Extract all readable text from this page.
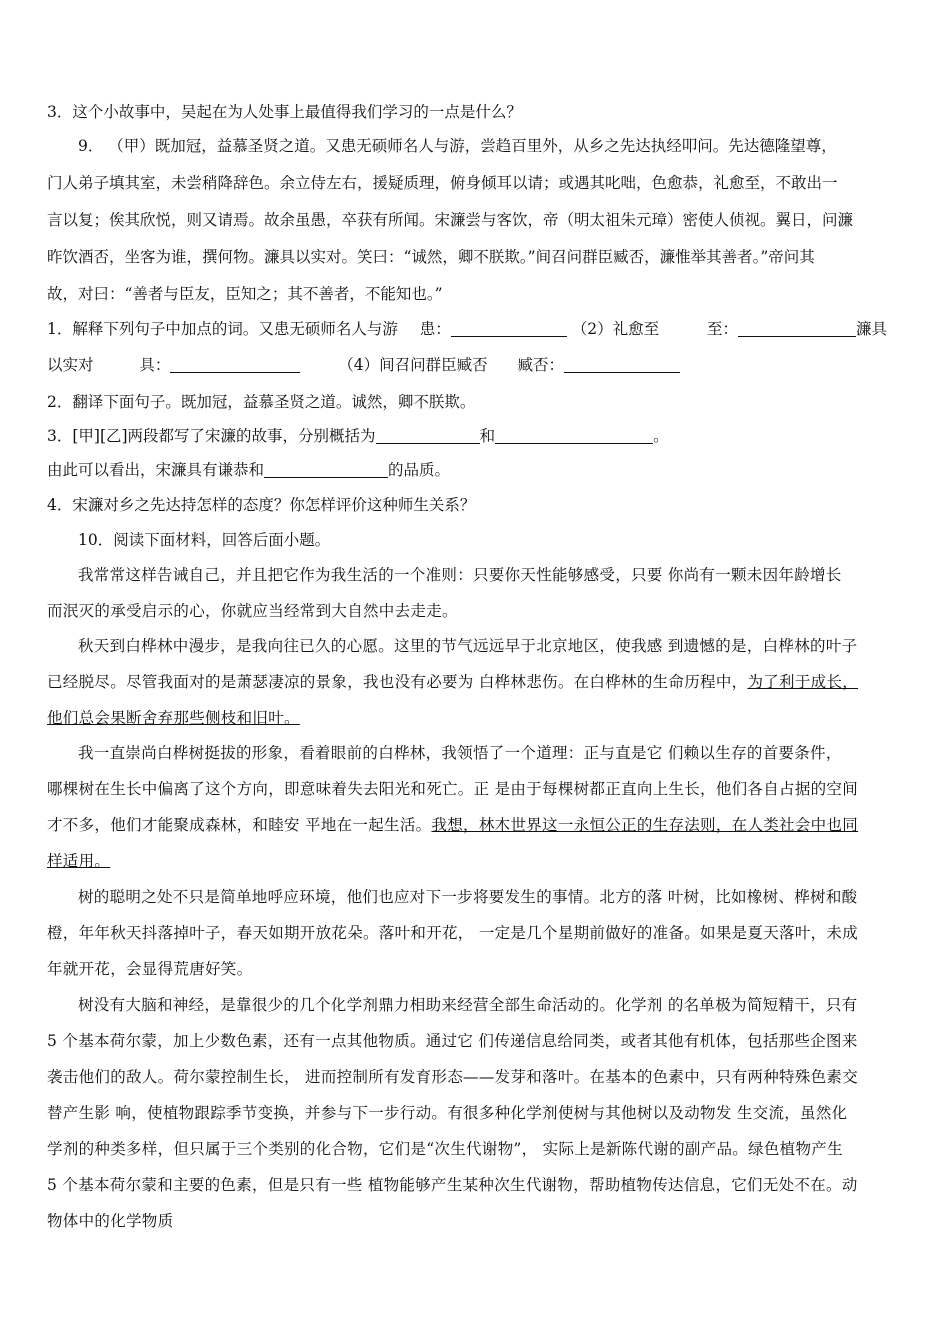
3．这个小故事中，吴起在为人处事上最值得我们学习的一点是什么？
9． （甲）既加冠，益慕圣贤之道。又患无硕师名人与游，尝趋百里外，从乡之先达执经叩问。先达德隆望尊，
门人弟子填其室，未尝稍降辞色。余立侍左右，援疑质理，俯身倾耳以请；或遇其叱咄，色愈恭，礼愈至，不敢出一
言以复；俟其欣悦，则又请焉。故余虽愚，卒获有所闻。宋濂尝与客饮，帝（明太祖朱元璋）密使人侦视。翼日，问濂
昨饮酒否，坐客为谁，撰何物。濂具以实对。笑曰：“诚然，卿不朕欺。”间召问群臣臧否，濂惟举其善者。”帝问其
故，对曰：“善者与臣友，臣知之；其不善者，不能知也。”
1．解释下列句子中加点的词。又患无硕师名人与游 患：	（2）礼愈至	至：	濂具
以实对	具：	（4）间召问群臣臧否 臧否：
2．翻译下面句子。既加冠，益慕圣贤之道。诚然，卿不朕欺。
3．[甲][乙]两段都写了宋濂的故事，分别概括为	和	。
由此可以看出，宋濂具有谦恭和	的品质。
4．宋濂对乡之先达持怎样的态度？你怎样评价这种师生关系？
10．阅读下面材料，回答后面小题。
我常常这样告诫自己，并且把它作为我生活的一个准则：只要你天性能够感受，只要 你尚有一颗未因年龄增长
而泯灭的承受启示的心，你就应当经常到大自然中去走走。
秋天到白桦林中漫步，是我向往已久的心愿。这里的节气远远早于北京地区，使我感 到遗憾的是，白桦林的叶子
已经脱尽。尽管我面对的是萧瑟凄凉的景象，我也没有必要为 白桦林悲伤。在白桦林的生命历程中，为了利于成长，
他们总会果断舍弃那些侧枝和旧叶。
我一直崇尚白桦树挺拔的形象，看着眼前的白桦林，我领悟了一个道理：正与直是它 们赖以生存的首要条件，
哪棵树在生长中偏离了这个方向，即意味着失去阳光和死亡。正 是由于每棵树都正直向上生长，他们各自占据的空间
才不多，他们才能聚成森林，和睦安 平地在一起生活。我想，林木世界这一永恒公正的生存法则，在人类社会中也同
样适用。
树的聪明之处不只是简单地呼应环境，他们也应对下一步将要发生的事情。北方的落 叶树，比如橡树、桦树和酸
橙，年年秋天抖落掉叶子，春天如期开放花朵。落叶和开花， 一定是几个星期前做好的准备。如果是夏天落叶，未成
年就开花，会显得荒唐好笑。
树没有大脑和神经，是靠很少的几个化学剂鼎力相助来经营全部生命活动的。化学剂 的名单极为简短精干，只有
5 个基本荷尔蒙，加上少数色素，还有一点其他物质。通过它 们传递信息给同类，或者其他有机体，包括那些企图来
袭击他们的敌人。荷尔蒙控制生长， 进而控制所有发育形态——发芽和落叶。在基本的色素中，只有两种特殊色素交
替产生影 响，使植物跟踪季节变换，并参与下一步行动。有很多种化学剂使树与其他树以及动物发 生交流，虽然化
学剂的种类多样，但只属于三个类别的化合物，它们是“次生代谢物”， 实际上是新陈代谢的副产品。绿色植物产生
5 个基本荷尔蒙和主要的色素，但是只有一些 植物能够产生某种次生代谢物，帮助植物传达信息，它们无处不在。动
物体中的化学物质
